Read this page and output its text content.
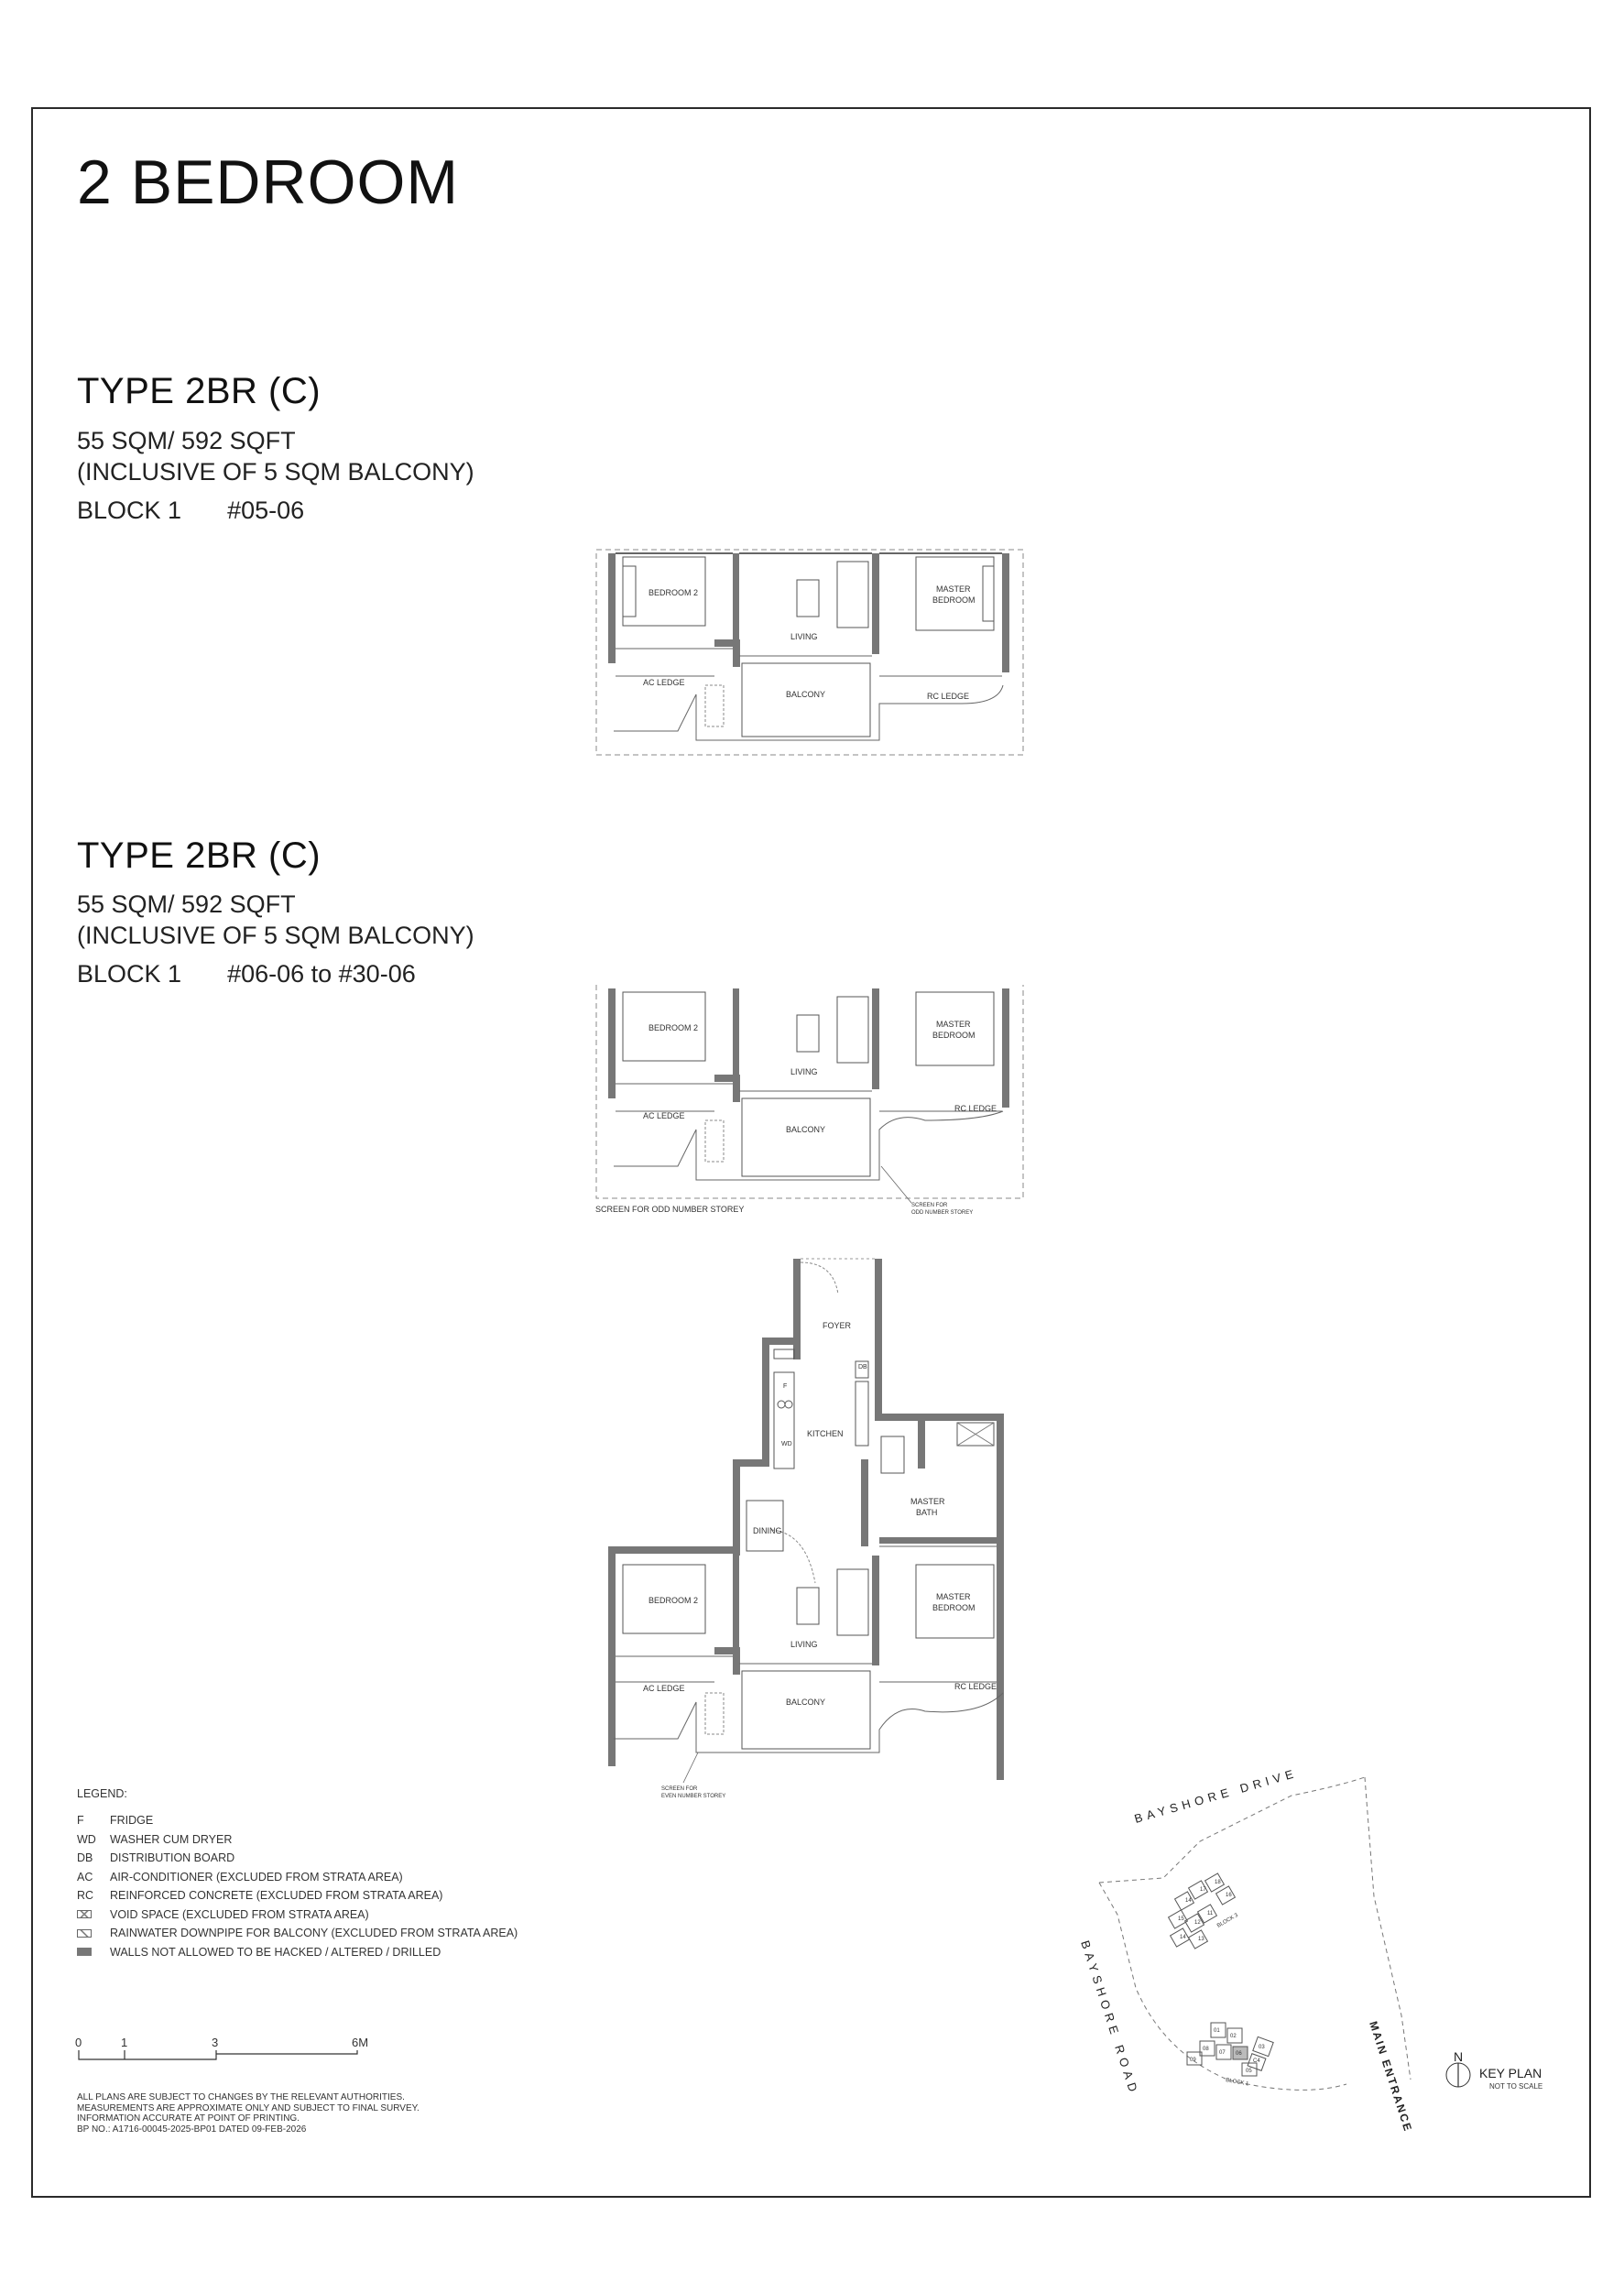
2 BEDROOM
TYPE 2BR (C)
55 SQM/ 592 SQFT
(INCLUSIVE OF 5 SQM BALCONY)
BLOCK 1 #05-06
BEDROOM 2	MASTER
BEDROOM
LIVING
BALCONY
AC LEDGE
RC LEDGE
TYPE 2BR (C)
55 SQM/ 592 SQFT
(INCLUSIVE OF 5 SQM BALCONY)
BLOCK 1 #06-06 to #30-06
BEDROOM 2	MASTER
BEDROOM
LIVING
BALCONY
AC LEDGE
RC LEDGE
SCREEN FOR ODD NUMBER STOREY	SCREEN FOR
ODD NUMBER STOREY
FOYER
DB
F
WD
KITCHEN
DINING
MASTER
BATH
BEDROOM 2	MASTER
BEDROOM
LIVING
BALCONY
AC LEDGE	RC LEDGE
SCREEN FOR
EVEN NUMBER STOREY
LEGEND:
F	FRIDGE
WD	WASHER CUM DRYER
DB	DISTRIBUTION BOARD
AC	AIR-CONDITIONER (EXCLUDED FROM STRATA AREA)
RC	REINFORCED CONCRETE (EXCLUDED FROM STRATA AREA)
VOID SPACE (EXCLUDED FROM STRATA AREA)
RAINWATER DOWNPIPE FOR BALCONY (EXCLUDED FROM STRATA AREA)
WALLS NOT ALLOWED TO BE HACKED / ALTERED / DRILLED
0	1	3	6M
ALL PLANS ARE SUBJECT TO CHANGES BY THE RELEVANT AUTHORITIES.
MEASUREMENTS ARE APPROXIMATE ONLY AND SUBJECT TO FINAL SURVEY.
INFORMATION ACCURATE AT POINT OF PRINTING.
BP NO.: A1716-00045-2025-BP01 DATED 09-FEB-2026
BAYSHORE DRIVE
BAYSHORE ROAD	MAIN ENTRANCE
18
17
16
14
11
15
12
14 13
BLOCK 3
01
02
03
C4
07 06
05
09
08
BLOCK 1
N
KEY PLAN
NOT TO SCALE
